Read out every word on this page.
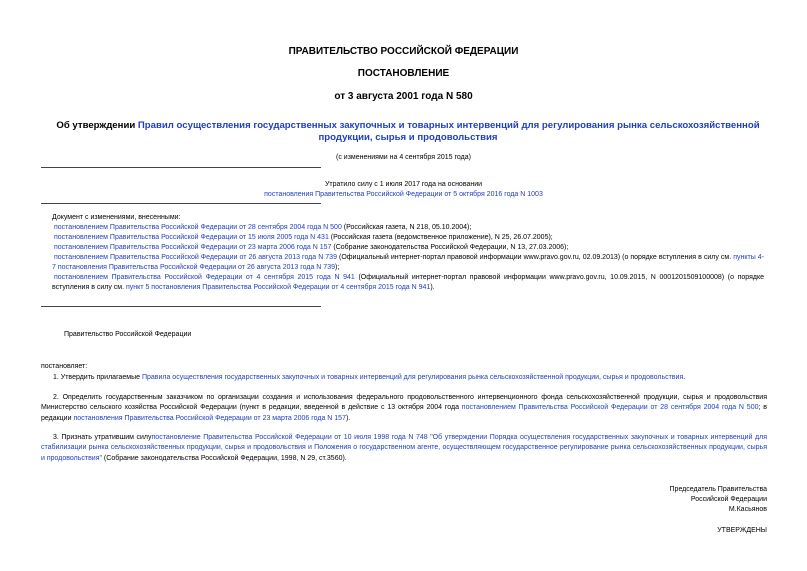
ПРАВИТЕЛЬСТВО РОССИЙСКОЙ ФЕДЕРАЦИИ
ПОСТАНОВЛЕНИЕ
от 3 августа 2001 года N 580
Об утверждении Правил осуществления государственных закупочных и товарных интервенций для регулирования рынка сельскохозяйственной продукции, сырья и продовольствия
(с изменениями на 4 сентября 2015 года)
Утратило силу с 1 июля 2017 года на основании
постановления Правительства Российской Федерации от 5 октября 2016 года N 1003
Документ с изменениями, внесенными:
постановлением Правительства Российской Федерации от 28 сентября 2004 года N 500 (Российская газета, N 218, 05.10.2004);
постановлением Правительства Российской Федерации от 15 июля 2005 года N 431 (Российская газета (ведомственное приложение), N 25, 26.07.2005);
постановлением Правительства Российской Федерации от 23 марта 2006 года N 157 (Собрание законодательства Российской Федерации, N 13, 27.03.2006);
постановлением Правительства Российской Федерации от 26 августа 2013 года N 739 (Официальный интернет-портал правовой информации www.pravo.gov.ru, 02.09.2013) (о порядке вступления в силу см. пункты 4-7 постановления Правительства Российской Федерации от 26 августа 2013 года N 739);
постановлением Правительства Российской Федерации от 4 сентября 2015 года N 941 (Официальный интернет-портал правовой информации www.pravo.gov.ru, 10.09.2015, N 0001201509100008) (о порядке вступления в силу см. пункт 5 постановления Правительства Российской Федерации от 4 сентября 2015 года N 941).
Правительство Российской Федерации
постановляет:
1. Утвердить прилагаемые Правила осуществления государственных закупочных и товарных интервенций для регулирования рынка сельскохозяйственной продукции, сырья и продовольствия.
2. Определить государственным заказчиком по организации создания и использования федерального продовольственного интервенционного фонда сельскохозяйственной продукции, сырья и продовольствия Министерство сельского хозяйства Российской Федерации (пункт в редакции, введенной в действие с 13 октября 2004 года постановлением Правительства Российской Федерации от 28 сентября 2004 года N 500; в редакции постановления Правительства Российской Федерации от 23 марта 2006 года N 157).
3. Признать утратившим силупостановление Правительства Российской Федерации от 10 июля 1998 года N 748 "Об утверждении Порядка осуществления государственных закупочных и товарных интервенций для стабилизации рынка сельскохозяйственных продукции, сырья и продовольствия и Положения о государственном агенте, осуществляющем государственное регулирование рынка сельскохозяйственных продукции, сырья и продовольствия" (Собрание законодательства Российской Федерации, 1998, N 29, ст.3560).
Председатель Правительства
Российской Федерации
М.Касьянов
УТВЕРЖДЕНЫ
